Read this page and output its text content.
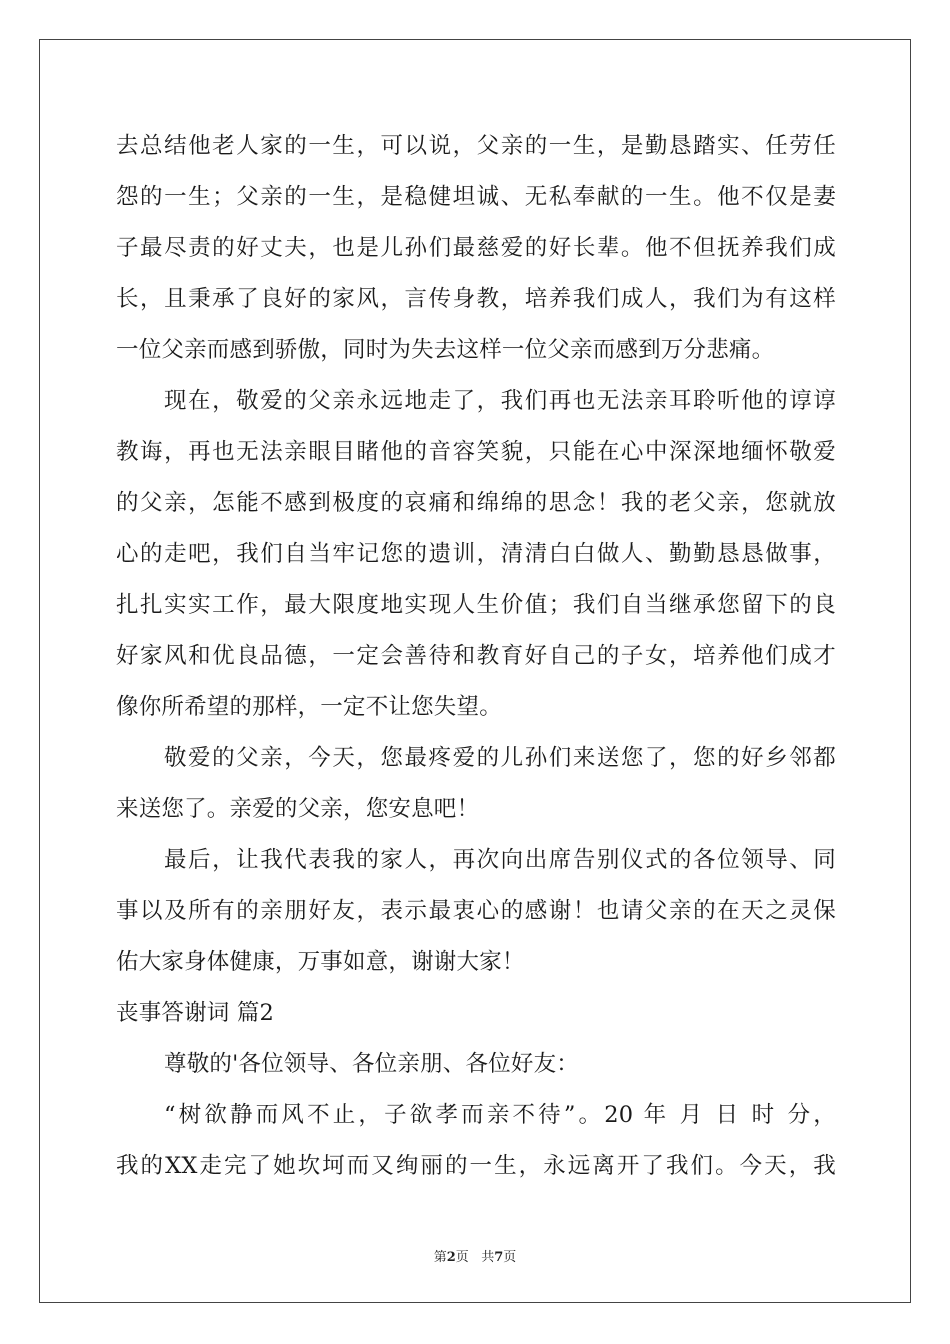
去总结他老人家的一生，可以说，父亲的一生，是勤恳踏实、任劳任
怨的一生；父亲的一生，是稳健坦诚、无私奉献的一生。他不仅是妻
子最尽责的好丈夫，也是儿孙们最慈爱的好长辈。他不但抚养我们成
长，且秉承了良好的家风，言传身教，培养我们成人，我们为有这样
一位父亲而感到骄傲，同时为失去这样一位父亲而感到万分悲痛。
现在，敬爱的父亲永远地走了，我们再也无法亲耳聆听他的谆谆
教诲，再也无法亲眼目睹他的音容笑貌，只能在心中深深地缅怀敬爱
的父亲，怎能不感到极度的哀痛和绵绵的思念！我的老父亲，您就放
心的走吧，我们自当牢记您的遗训，清清白白做人、勤勤恳恳做事，
扎扎实实工作，最大限度地实现人生价值；我们自当继承您留下的良
好家风和优良品德，一定会善待和教育好自己的子女，培养他们成才
像你所希望的那样，一定不让您失望。
敬爱的父亲，今天，您最疼爱的儿孙们来送您了，您的好乡邻都
来送您了。亲爱的父亲，您安息吧！
最后，让我代表我的家人，再次向出席告别仪式的各位领导、同
事以及所有的亲朋好友，表示最衷心的感谢！也请父亲的在天之灵保
佑大家身体健康，万事如意，谢谢大家！
丧事答谢词 篇2
尊敬的'各位领导、各位亲朋、各位好友：
“树欲静而风不止，子欲孝而亲不待”。20 年 月 日 时 分，
我的XX走完了她坎坷而又绚丽的一生，永远离开了我们。今天，我
第2页 共7页
